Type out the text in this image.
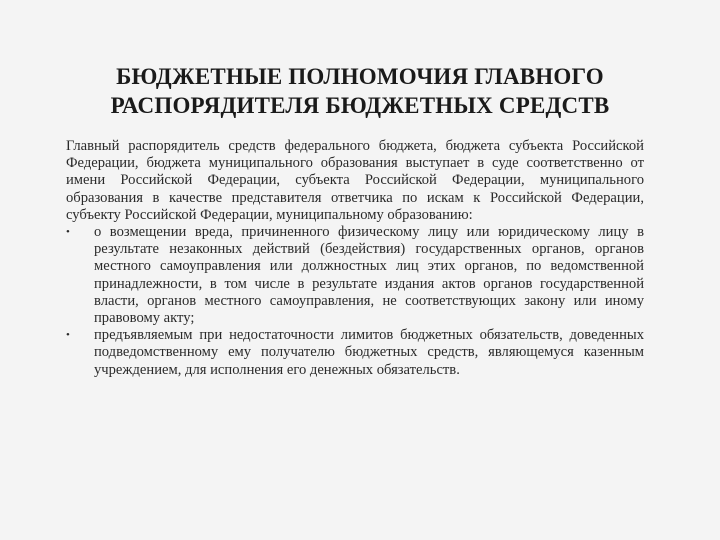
БЮДЖЕТНЫЕ ПОЛНОМОЧИЯ ГЛАВНОГО
РАСПОРЯДИТЕЛЯ БЮДЖЕТНЫХ СРЕДСТВ

Главный распорядитель средств федерального бюджета, бюджета субъекта Российской Федерации, бюджета муниципального образования выступает в суде соответственно от имени Российской Федерации, субъекта Российской Федерации, муниципального образования в качестве представителя ответчика по искам к Российской Федерации, субъекту Российской Федерации, муниципальному образованию:

•	о возмещении вреда, причиненного физическому лицу или юридическому лицу в результате незаконных действий (бездействия) государственных органов, органов местного самоуправления или должностных лиц этих органов, по ведомственной принадлежности, в том числе в результате издания актов органов государственной власти, органов местного самоуправления, не соответствующих закону или иному правовому акту;
•	предъявляемым при недостаточности лимитов бюджетных обязательств, доведенных подведомственному ему получателю бюджетных средств, являющемуся казенным учреждением, для исполнения его денежных обязательств.
